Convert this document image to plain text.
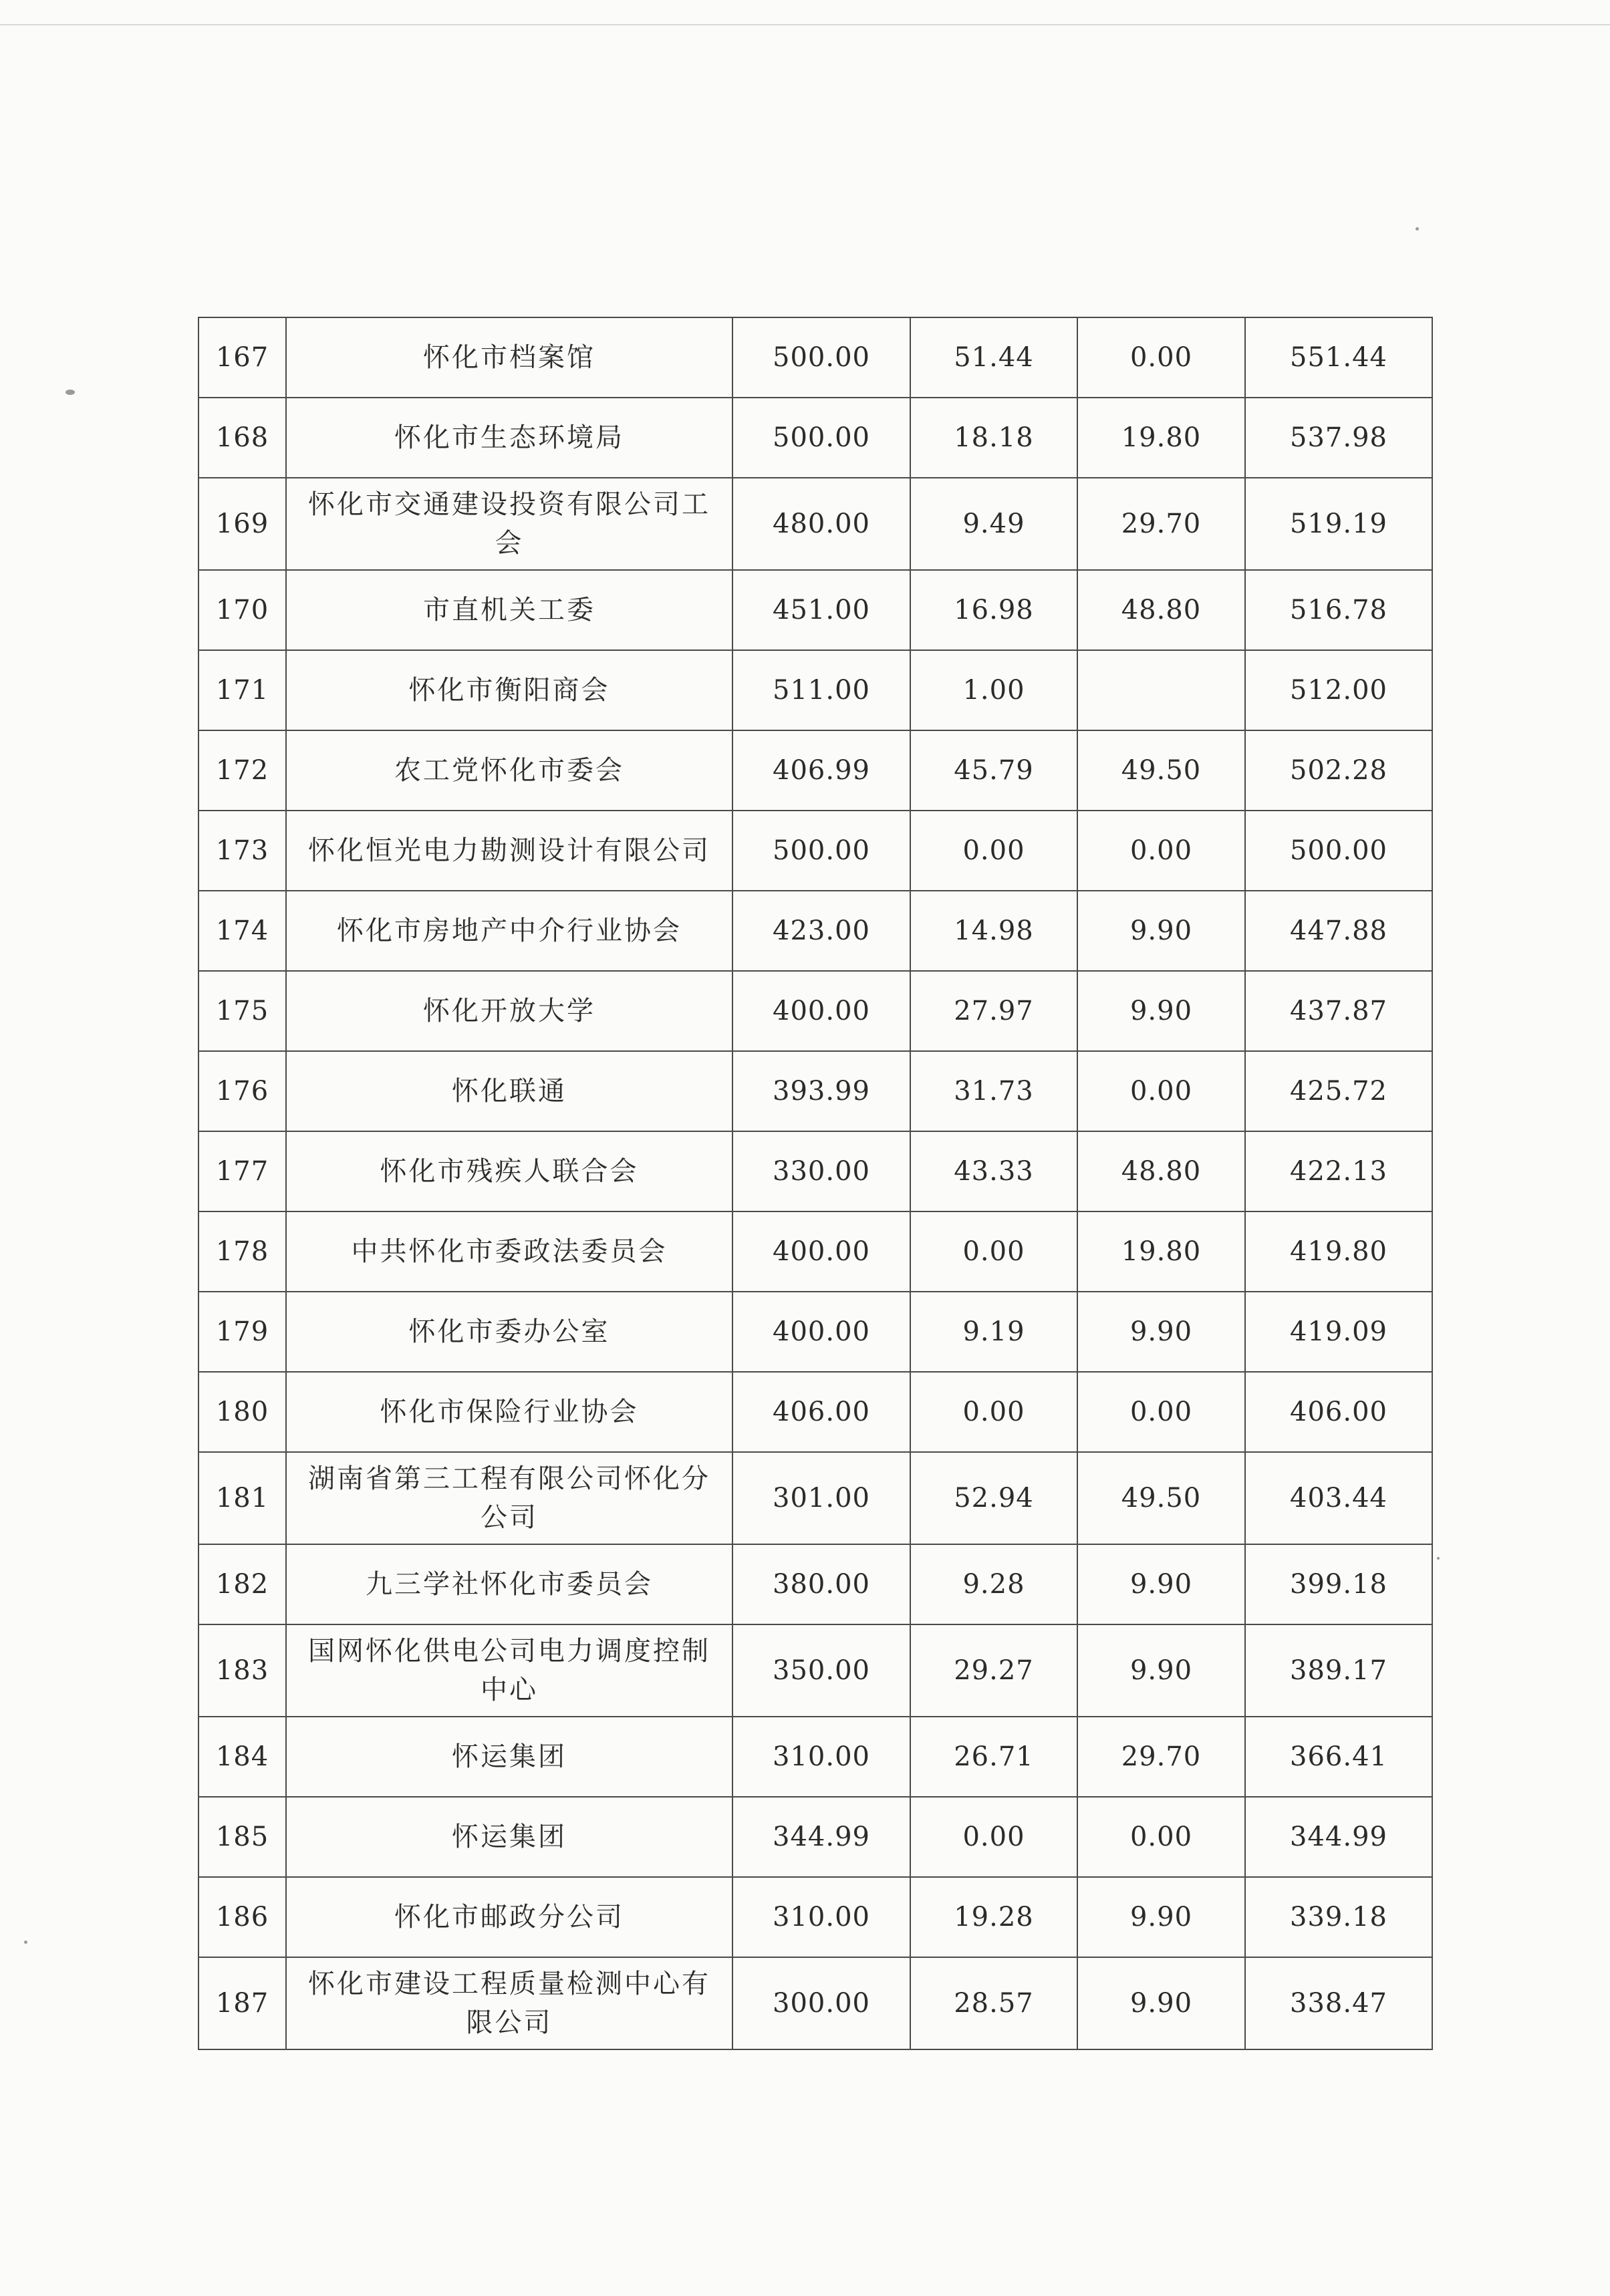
167	怀化市档案馆	500.00	51.44	0.00	551.44
168	怀化市生态环境局	500.00	18.18	19.80	537.98
169	怀化市交通建设投资有限公司工会	480.00	9.49	29.70	519.19
170	市直机关工委	451.00	16.98	48.80	516.78
171	怀化市衡阳商会	511.00	1.00		512.00
172	农工党怀化市委会	406.99	45.79	49.50	502.28
173	怀化恒光电力勘测设计有限公司	500.00	0.00	0.00	500.00
174	怀化市房地产中介行业协会	423.00	14.98	9.90	447.88
175	怀化开放大学	400.00	27.97	9.90	437.87
176	怀化联通	393.99	31.73	0.00	425.72
177	怀化市残疾人联合会	330.00	43.33	48.80	422.13
178	中共怀化市委政法委员会	400.00	0.00	19.80	419.80
179	怀化市委办公室	400.00	9.19	9.90	419.09
180	怀化市保险行业协会	406.00	0.00	0.00	406.00
181	湖南省第三工程有限公司怀化分公司	301.00	52.94	49.50	403.44
182	九三学社怀化市委员会	380.00	9.28	9.90	399.18
183	国网怀化供电公司电力调度控制中心	350.00	29.27	9.90	389.17
184	怀运集团	310.00	26.71	29.70	366.41
185	怀运集团	344.99	0.00	0.00	344.99
186	怀化市邮政分公司	310.00	19.28	9.90	339.18
187	怀化市建设工程质量检测中心有限公司	300.00	28.57	9.90	338.47
